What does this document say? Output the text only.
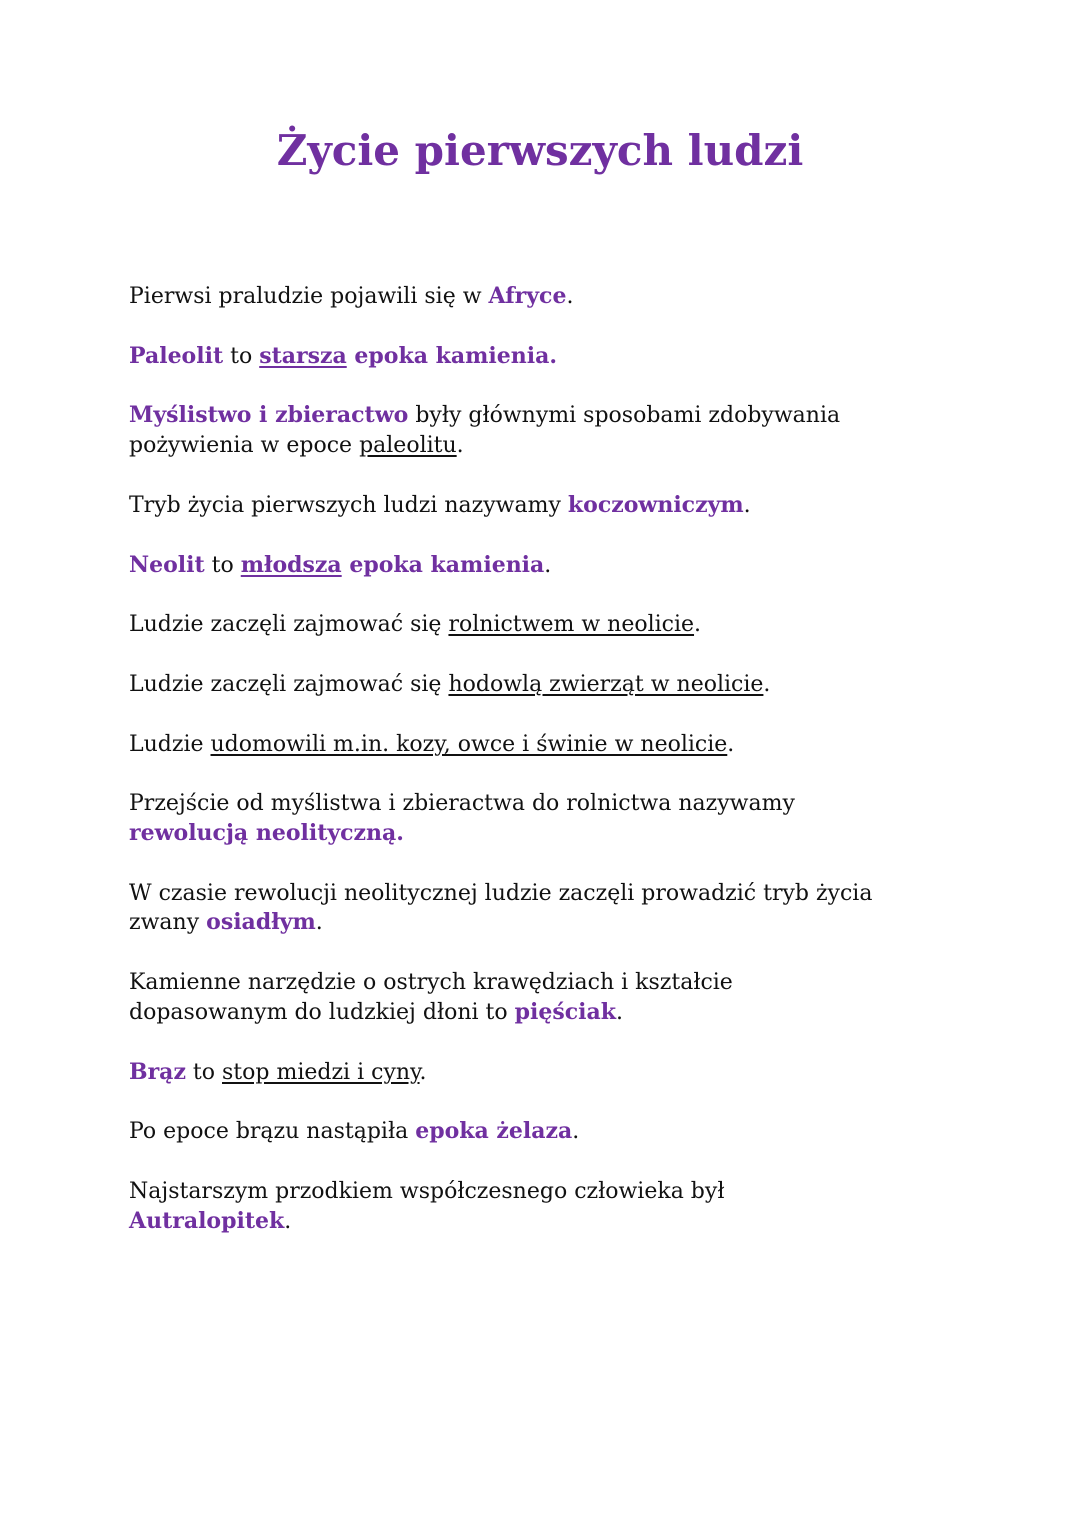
Życie pierwszych ludzi

Pierwsi praludzie pojawili się w Afryce.

Paleolit to starsza epoka kamienia.

Myślistwo i zbieractwo były głównymi sposobami zdobywania
pożywienia w epoce paleolitu.

Tryb życia pierwszych ludzi nazywamy koczowniczym.

Neolit to młodsza epoka kamienia.

Ludzie zaczęli zajmować się rolnictwem w neolicie.

Ludzie zaczęli zajmować się hodowlą zwierząt w neolicie.

Ludzie udomowili m.in. kozy, owce i świnie w neolicie.

Przejście od myślistwa i zbieractwa do rolnictwa nazywamy
rewolucją neolityczną.

W czasie rewolucji neolitycznej ludzie zaczęli prowadzić tryb życia
zwany osiadłym.

Kamienne narzędzie o ostrych krawędziach i kształcie
dopasowanym do ludzkiej dłoni to pięściak.

Brąz to stop miedzi i cyny.

Po epoce brązu nastąpiła epoka żelaza.

Najstarszym przodkiem współczesnego człowieka był
Autralopitek.
